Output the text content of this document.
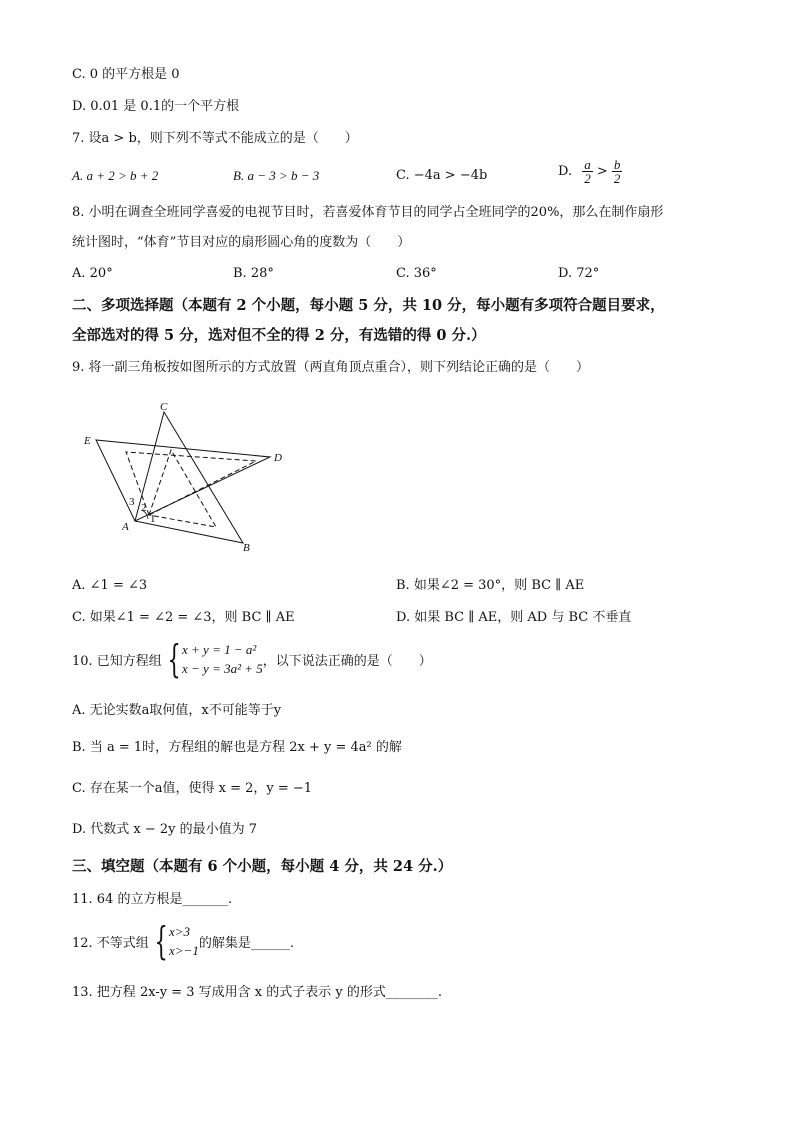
C. 0 的平方根是 0
D. 0.01 是 0.1的一个平方根
7. 设a > b，则下列不等式不能成立的是（　　）
A. a + 2 > b + 2	B. a − 3 > b − 3	C. −4a > −4b	D. $\frac{a}{2} > \frac{b}{2}$
8. 小明在调查全班同学喜爱的电视节目时，若喜爱体育节目的同学占全班同学的20%，那么在制作扇形
统计图时，“体育”节目对应的扇形圆心角的度数为（　　）
A. 20°	B. 28°	C. 36°	D. 72°
二、多项选择题（本题有 2 个小题，每小题 5 分，共 10 分，每小题有多项符合题目要求，
全部选对的得 5 分，选对但不全的得 2 分，有选错的得 0 分.）
9. 将一副三角板按如图所示的方式放置（两直角顶点重合），则下列结论正确的是（　　）
C
E
D
A
B
3 2
1
A. ∠1 = ∠3	B. 如果∠2 = 30°，则 BC ∥ AE
C. 如果∠1 = ∠2 = ∠3，则 BC ∥ AE	D. 如果 BC ∥ AE，则 AD 与 BC 不垂直
10. 已知方程组 { x + y = 1 − a²
x − y = 3a² + 5 ，以下说法正确的是（　　）
A. 无论实数a取何值，x不可能等于y
B. 当 a = 1时，方程组的解也是方程 2x + y = 4a² 的解
C. 存在某一个a值，使得 x = 2，y = −1
D. 代数式 x − 2y 的最小值为 7
三、填空题（本题有 6 个小题，每小题 4 分，共 24 分.）
11. 64 的立方根是_______.
12. 不等式组 { x>3
x>−1 的解集是______.
13. 把方程 2x-y = 3 写成用含 x 的式子表示 y 的形式________.
